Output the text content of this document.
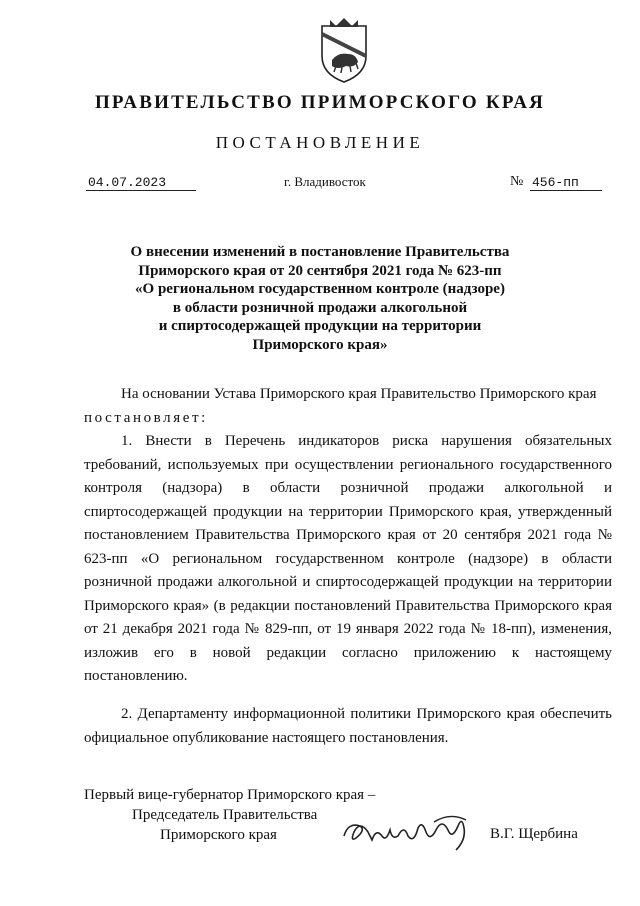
ПРАВИТЕЛЬСТВО ПРИМОРСКОГО КРАЯ
ПОСТАНОВЛЕНИЕ
04.07.2023	г. Владивосток	№ 456-пп
О внесении изменений в постановление Правительства
Приморского края от 20 сентября 2021 года № 623-пп
«О региональном государственном контроле (надзоре)
в области розничной продажи алкогольной
и спиртосодержащей продукции на территории
Приморского края»
На основании Устава Приморского края Правительство Приморского края постановляет:
1. Внести в Перечень индикаторов риска нарушения обязательных требований, используемых при осуществлении регионального государственного контроля (надзора) в области розничной продажи алкогольной и спиртосодержащей продукции на территории Приморского края, утвержденный постановлением Правительства Приморского края от 20 сентября 2021 года № 623-пп «О региональном государственном контроле (надзоре) в области розничной продажи алкогольной и спиртосодержащей продукции на территории Приморского края» (в редакции постановлений Правительства Приморского края от 21 декабря 2021 года № 829-пп, от 19 января 2022 года № 18-пп), изменения, изложив его в новой редакции согласно приложению к настоящему постановлению.
2. Департаменту информационной политики Приморского края обеспечить официальное опубликование настоящего постановления.
Первый вице-губернатор Приморского края –
Председатель Правительства
Приморского края	В.Г. Щербина
